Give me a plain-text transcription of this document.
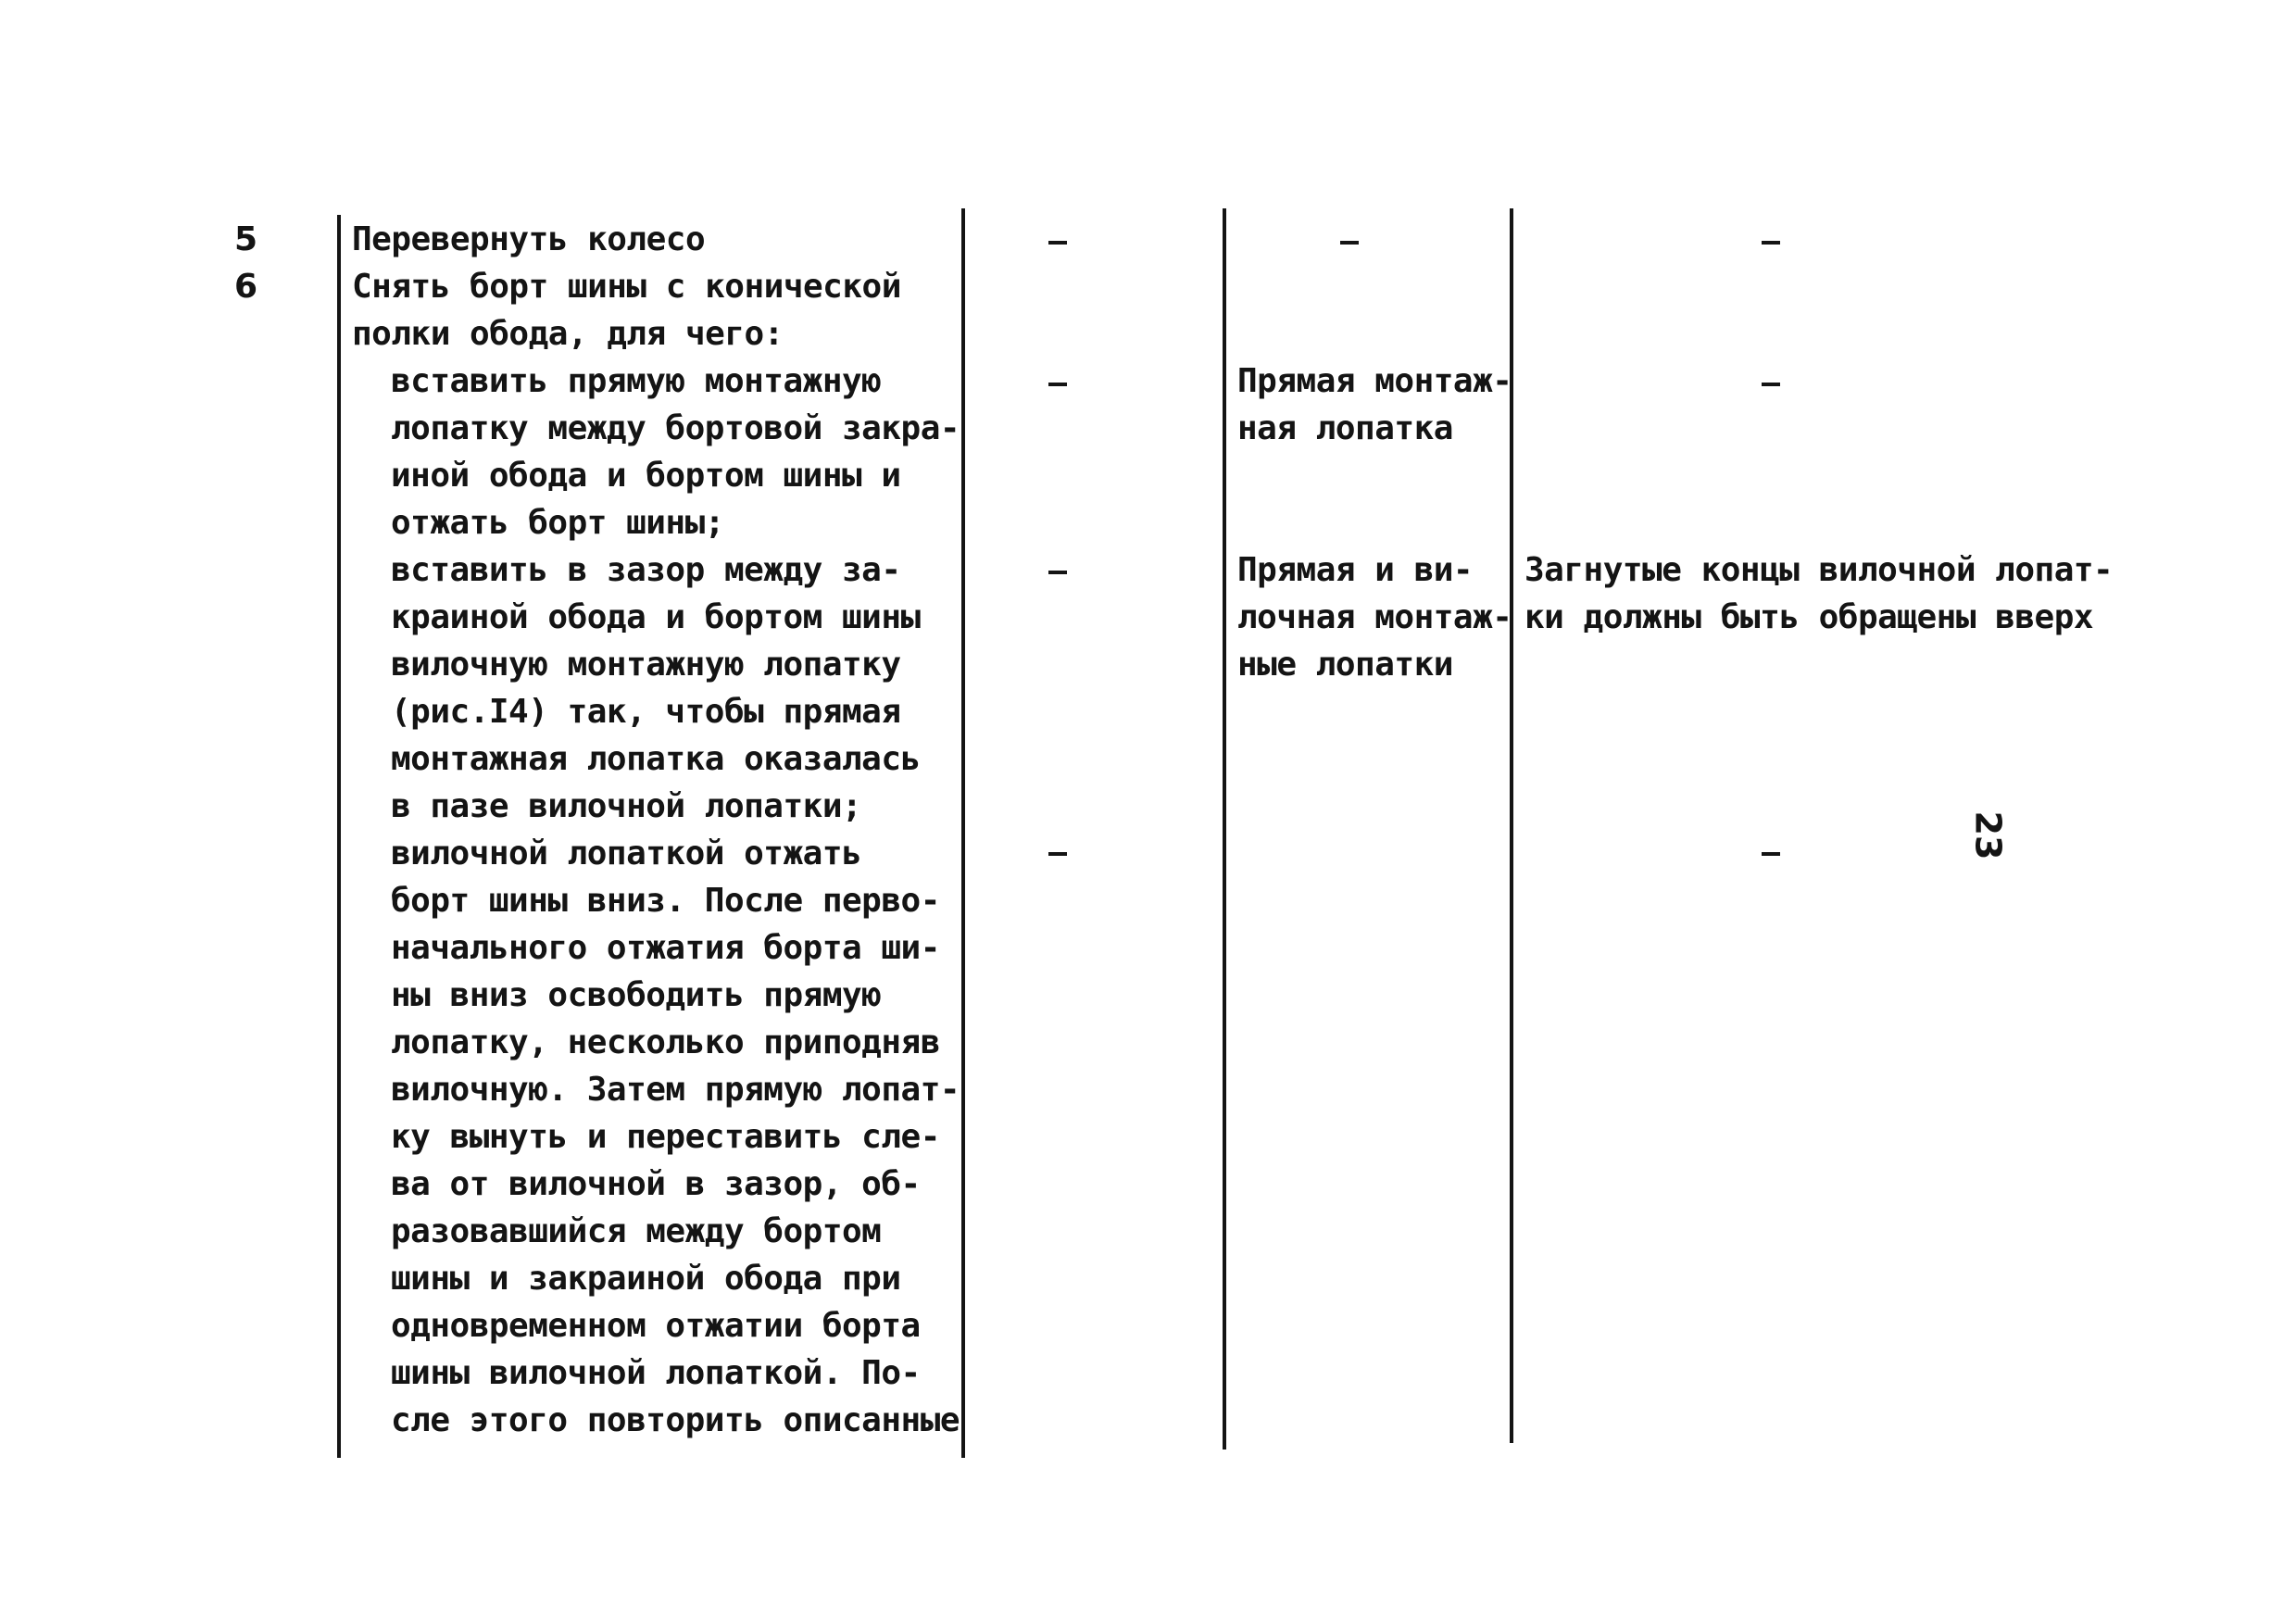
5	Перевернуть колесо

6	Снять борт шины с конической

полки обода, для чего:

вставить прямую монтажную

лопатку между бортовой закра-

иной обода и бортом шины и

отжать борт шины;

Прямая монтаж-

ная лопатка

вставить в зазор между за-

краиной обода и бортом шины

вилочную монтажную лопатку

(рис.I4) так, чтобы прямая

монтажная лопатка оказалась

в пазе вилочной лопатки;

Прямая и ви-

лочная монтаж-

ные лопатки

Загнутые концы вилочной лопат-

ки должны быть обращены вверх

вилочной лопаткой отжать

борт шины вниз. После перво-

начального отжатия борта ши-

ны вниз освободить прямую

лопатку, несколько приподняв

вилочную. Затем прямую лопат-

ку вынуть и переставить сле-

ва от вилочной в зазор, об-

разовавшийся между бортом

шины и закраиной обода при

одновременном отжатии борта

шины вилочной лопаткой. По-

сле этого повторить описанные

23
